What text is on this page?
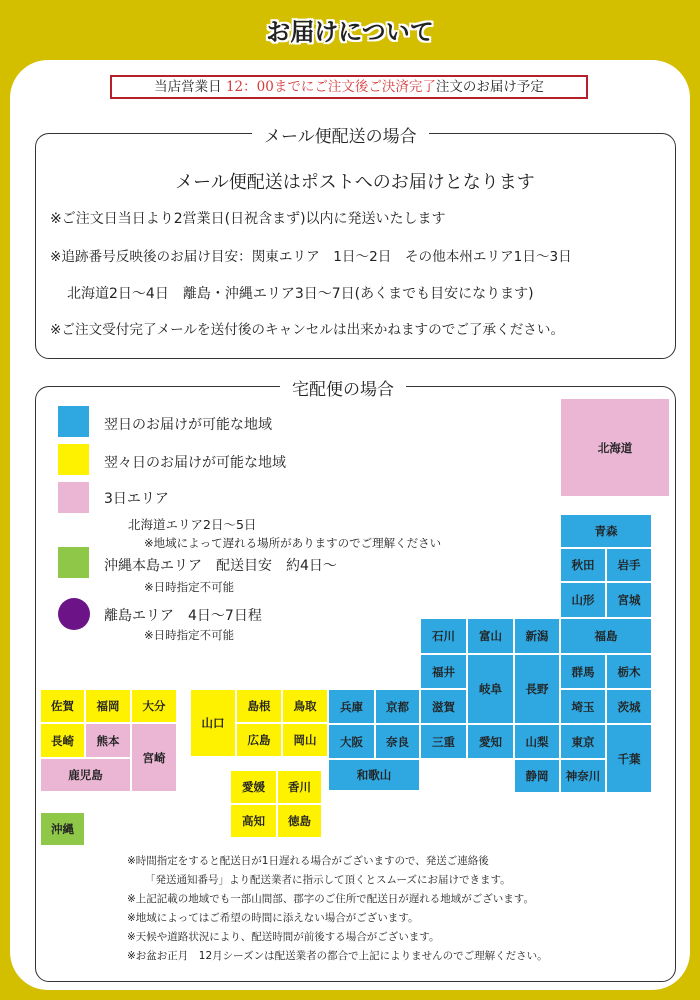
お届けについて
当店営業日 12：00までにご注文後ご決済完了注文のお届け予定
メール便配送の場合
メール便配送はポストへのお届けとなります
※ご注文日当日より2営業日(日祝含まず)以内に発送いたします
※追跡番号反映後のお届け目安：関東エリア　1日〜2日　その他本州エリア1日〜3日
北海道2日〜4日　離島・沖縄エリア3日〜7日(あくまでも目安になります)
※ご注文受付完了メールを送付後のキャンセルは出来かねますのでご了承ください。
宅配便の場合
翌日のお届けが可能な地域
翌々日のお届けが可能な地域
3日エリア
北海道エリア2日〜5日
※地域によって遅れる場所がありますのでご理解ください
沖縄本島エリア　配送目安　約4日〜
※日時指定不可能
離島エリア　4日〜7日程
※日時指定不可能
北海道
青森
秋田	岩手
山形	宮城
石川	富山	新潟	福島
福井
岐阜	長野
群馬	栃木
滋賀	埼玉	茨城
三重	愛知	山梨	東京
千葉
静岡	神奈川
兵庫	京都
大阪	奈良
和歌山
山口
島根	鳥取
広島	岡山
愛媛	香川
高知	徳島
佐賀	福岡	大分
長崎	熊本
宮崎
鹿児島
沖縄
※時間指定をすると配送日が1日遅れる場合がございますので、発送ご連絡後
「発送通知番号」より配送業者に指示して頂くとスムーズにお届けできます。
※上記記載の地域でも一部山間部、郡字のご住所で配送日が遅れる地域がございます。
※地域によってはご希望の時間に添えない場合がございます。
※天候や道路状況により、配送時間が前後する場合がございます。
※お盆お正月　12月シーズンは配送業者の都合で上記によりませんのでご理解ください。
